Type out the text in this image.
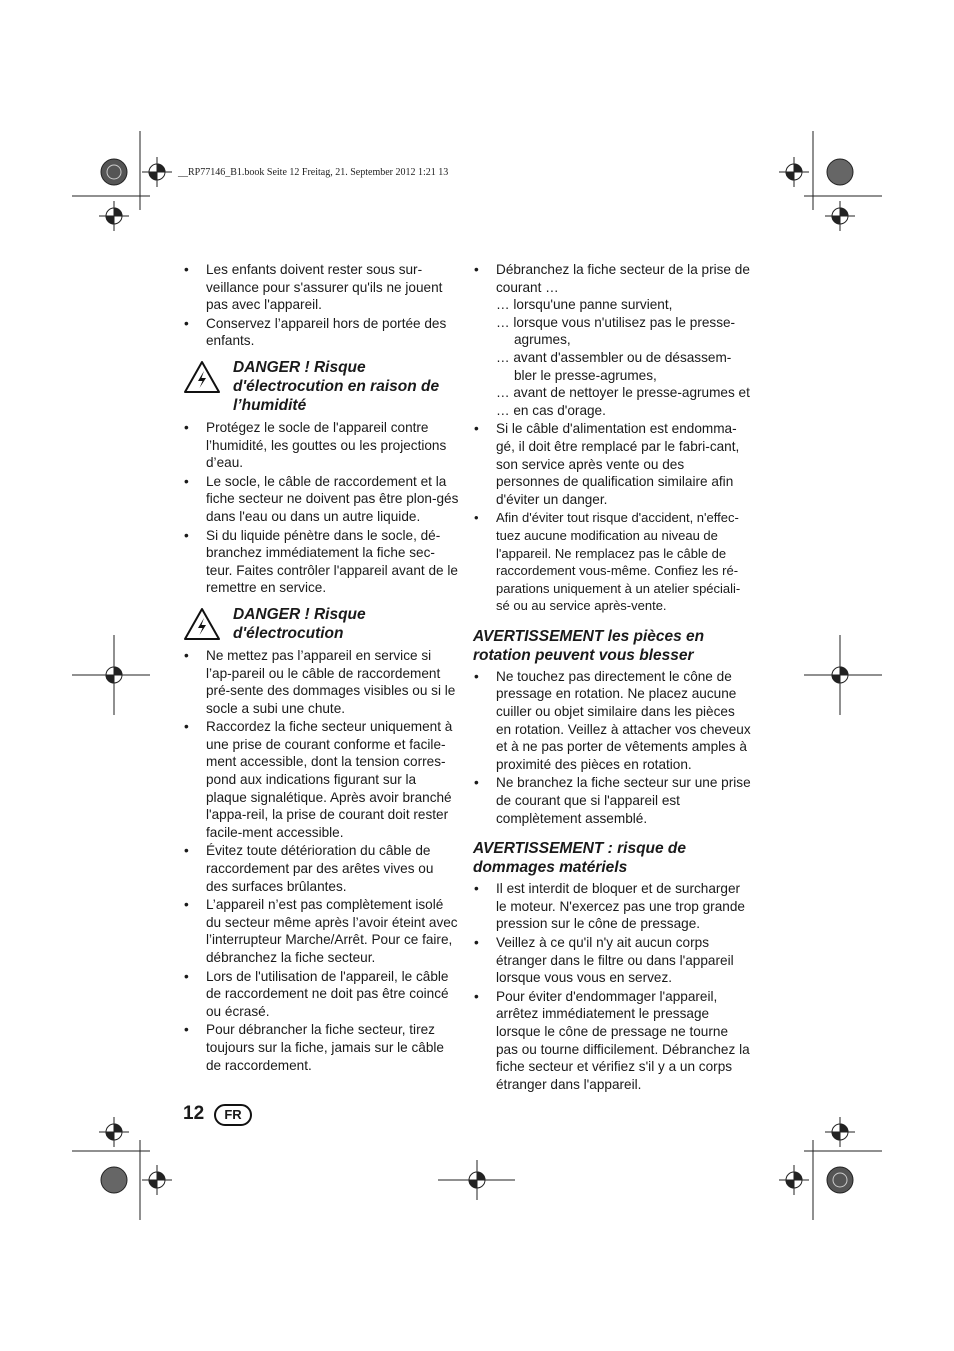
__RP77146_B1.book Seite 12 Freitag, 21. September 2012 1:21 13
• Les enfants doivent rester sous sur-veillance pour s'assurer qu'ils ne jouent pas avec l'appareil.
• Conservez l’appareil hors de portée des enfants.
DANGER ! Risque d'électrocution en raison de l’humidité
• Protégez le socle de l'appareil contre l’humidité, les gouttes ou les projections d’eau.
• Le socle, le câble de raccordement et la fiche secteur ne doivent pas être plon-gés dans l'eau ou dans un autre liquide.
• Si du liquide pénètre dans le socle, dé-branchez immédiatement la fiche sec-teur. Faites contrôler l'appareil avant de le remettre en service.
DANGER ! Risque d'électrocution
• Ne mettez pas l’appareil en service si l’ap-pareil ou le câble de raccordement pré-sente des dommages visibles ou si le socle a subi une chute.
• Raccordez la fiche secteur uniquement à une prise de courant conforme et facile-ment accessible, dont la tension corres-pond aux indications figurant sur la plaque signalétique. Après avoir branché l'appa-reil, la prise de courant doit rester facile-ment accessible.
• Évitez toute détérioration du câble de raccordement par des arêtes vives ou des surfaces brûlantes.
• L’appareil n’est pas complètement isolé du secteur même après l’avoir éteint avec l’interrupteur Marche/Arrêt. Pour ce faire, débranchez la fiche secteur.
• Lors de l'utilisation de l'appareil, le câble de raccordement ne doit pas être coincé ou écrasé.
• Pour débrancher la fiche secteur, tirez toujours sur la fiche, jamais sur le câble de raccordement.
• Débranchez la fiche secteur de la prise de courant …
… lorsqu'une panne survient,
… lorsque vous n'utilisez pas le presse-agrumes,
… avant d'assembler ou de désassem-bler le presse-agrumes,
… avant de nettoyer le presse-agrumes et
… en cas d'orage.
• Si le câble d'alimentation est endomma-gé, il doit être remplacé par le fabri-cant, son service après vente ou des personnes de qualification similaire afin d'éviter un danger.
• Afin d'éviter tout risque d'accident, n'effec-tuez aucune modification au niveau de l'appareil. Ne remplacez pas le câble de raccordement vous-même. Confiez les ré-parations uniquement à un atelier spéciali-sé ou au service après-vente.
AVERTISSEMENT les pièces en rotation peuvent vous blesser
• Ne touchez pas directement le cône de pressage en rotation. Ne placez aucune cuiller ou objet similaire dans les pièces en rotation. Veillez à attacher vos cheveux et à ne pas porter de vêtements amples à proximité des pièces en rotation.
• Ne branchez la fiche secteur sur une prise de courant que si l'appareil est complètement assemblé.
AVERTISSEMENT : risque de dommages matériels
• Il est interdit de bloquer et de surcharger le moteur. N'exercez pas une trop grande pression sur le cône de pressage.
• Veillez à ce qu'il n'y ait aucun corps étranger dans le filtre ou dans l'appareil lorsque vous vous en servez.
• Pour éviter d'endommager l'appareil, arrêtez immédiatement le pressage lorsque le cône de pressage ne tourne pas ou tourne difficilement. Débranchez la fiche secteur et vérifiez s'il y a un corps étranger dans l'appareil.
12	FR
